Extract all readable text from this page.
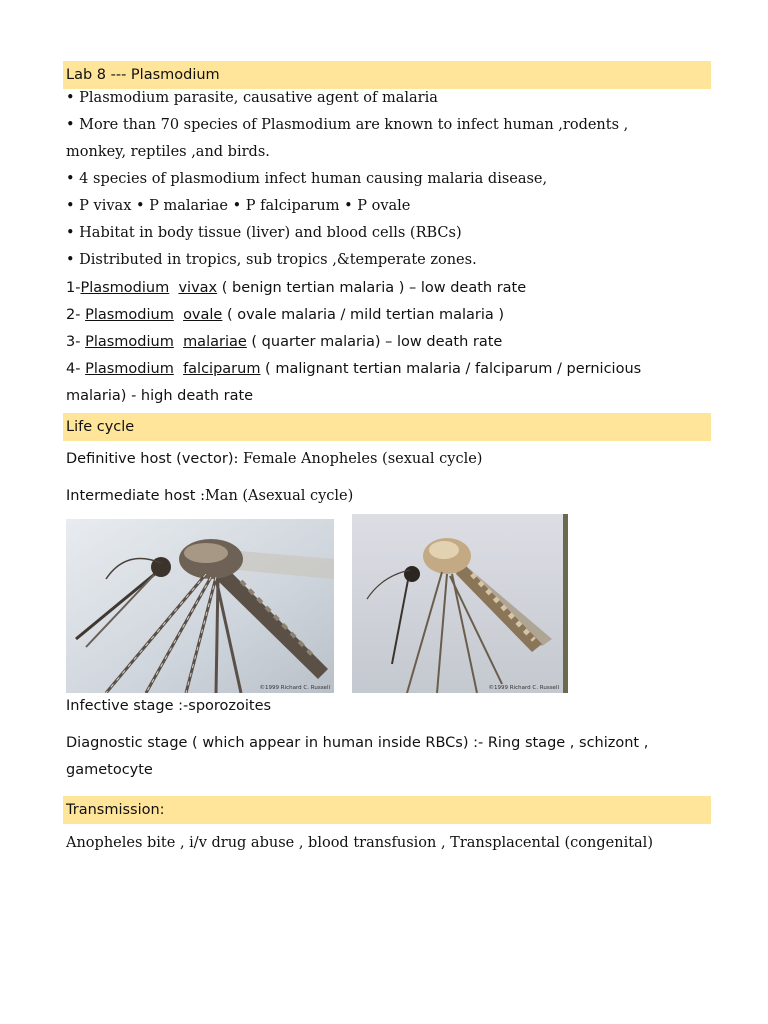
Lab 8 --- Plasmodium
• Plasmodium parasite, causative agent of malaria
• More than 70 species of Plasmodium are known to infect human ,rodents ,
monkey, reptiles ,and birds.
• 4 species of plasmodium infect human causing malaria disease,
• P vivax • P malariae • P falciparum • P ovale
• Habitat in body tissue (liver) and blood cells (RBCs)
• Distributed in tropics, sub tropics ,&temperate zones.
1-Plasmodium vivax ( benign tertian malaria ) – low death rate
2- Plasmodium ovale ( ovale malaria / mild tertian malaria )
3- Plasmodium malariae ( quarter malaria) – low death rate
4- Plasmodium falciparum ( malignant tertian malaria / falciparum / pernicious
malaria) - high death rate
Life cycle
Definitive host (vector): Female Anopheles (sexual cycle)
Intermediate host :Man (Asexual cycle)
©1999 Richard C. Russell	©1999 Richard C. Russell
Infective stage :-sporozoites
Diagnostic stage ( which appear in human inside RBCs) :- Ring stage , schizont ,
gametocyte
Transmission:
Anopheles bite , i/v drug abuse , blood transfusion , Transplacental (congenital)
